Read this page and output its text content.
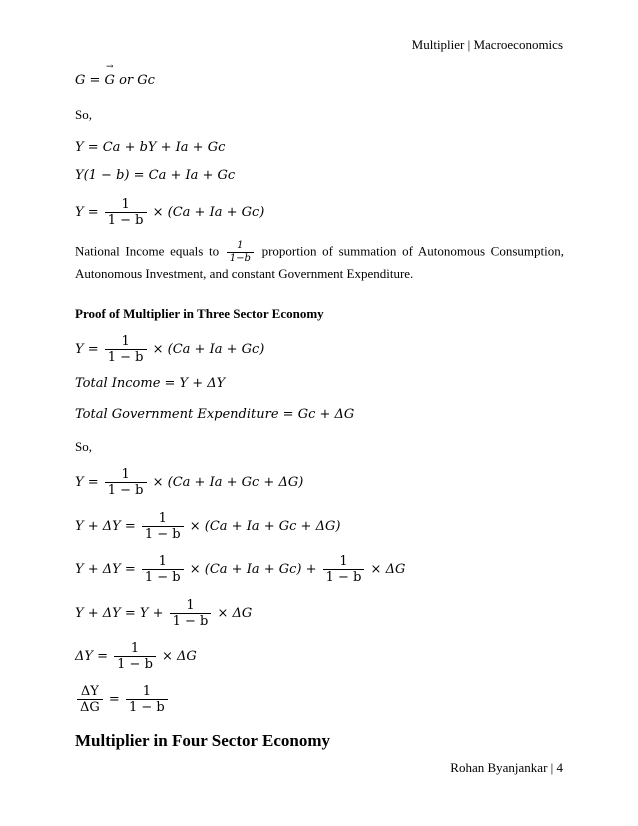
Multiplier | Macroeconomics
G = G → or Gc
So,
Y = Ca + bY + Ia + Gc
Y(1 − b) = Ca + Ia + Gc
$Y = \frac{1}{1 - b} \times (Ca + Ia + Gc)$
National Income equals to $\frac{1}{1-b}$ proportion of summation of Autonomous Consumption, Autonomous Investment, and constant Government Expenditure.
Proof of Multiplier in Three Sector Economy
$Y = \frac{1}{1 - b} \times (Ca + Ia + Gc)$
Total Income = Y + ΔY
Total Government Expenditure = Gc + ΔG
So,
$Y = \frac{1}{1 - b} \times (Ca + Ia + Gc + \Delta G)$
$Y + \Delta Y = \frac{1}{1 - b} \times (Ca + Ia + Gc + \Delta G)$
$Y + \Delta Y = \frac{1}{1 - b} \times (Ca + Ia + Gc) + \frac{1}{1 - b} \times \Delta G$
$Y + \Delta Y = Y + \frac{1}{1 - b} \times \Delta G$
$\Delta Y = \frac{1}{1 - b} \times \Delta G$
$\frac{\Delta Y}{\Delta G} = \frac{1}{1 - b}$
Multiplier in Four Sector Economy
Rohan Byanjankar | 4
